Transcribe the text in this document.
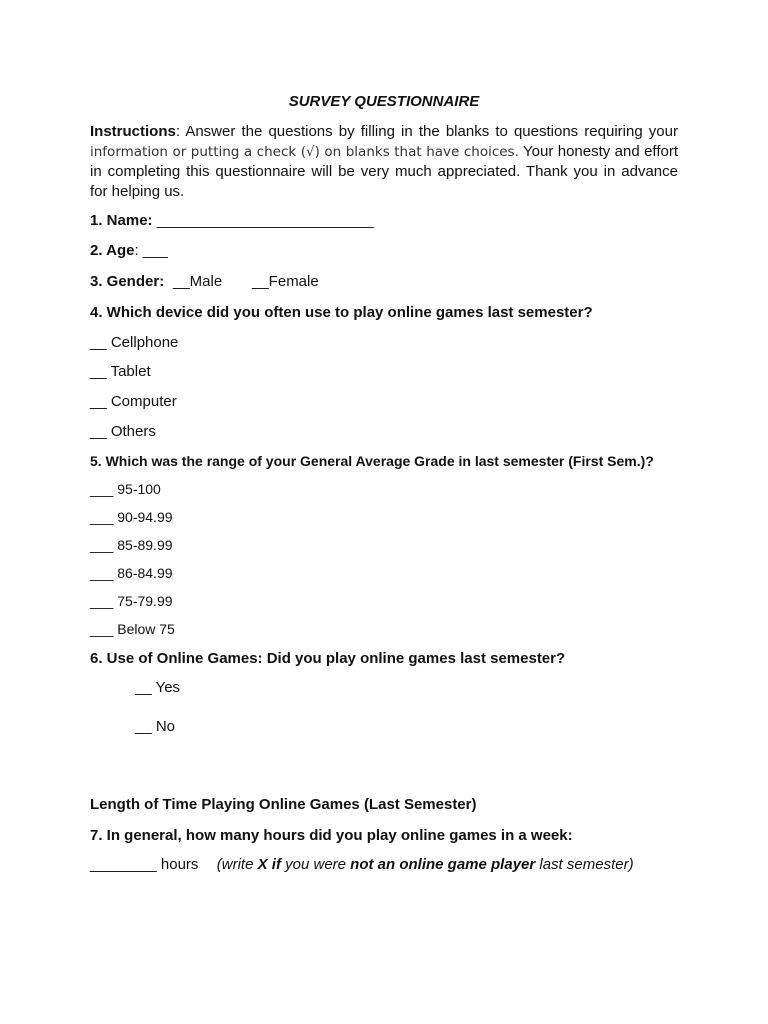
SURVEY QUESTIONNAIRE
Instructions: Answer the questions by filling in the blanks to questions requiring your information or putting a check (√) on blanks that have choices. Your honesty and effort in completing this questionnaire will be very much appreciated. Thank you in advance for helping us.
1. Name: __________________________
2. Age: ___
3. Gender: __Male __Female
4. Which device did you often use to play online games last semester?
__ Cellphone
__ Tablet
__ Computer
__ Others
5. Which was the range of your General Average Grade in last semester (First Sem.)?
___ 95-100
___ 90-94.99
___ 85-89.99
___ 86-84.99
___ 75-79.99
___ Below 75
6. Use of Online Games: Did you play online games last semester?
__ Yes
__ No
Length of Time Playing Online Games (Last Semester)
7. In general, how many hours did you play online games in a week:
________ hours (write X if you were not an online game player last semester)
